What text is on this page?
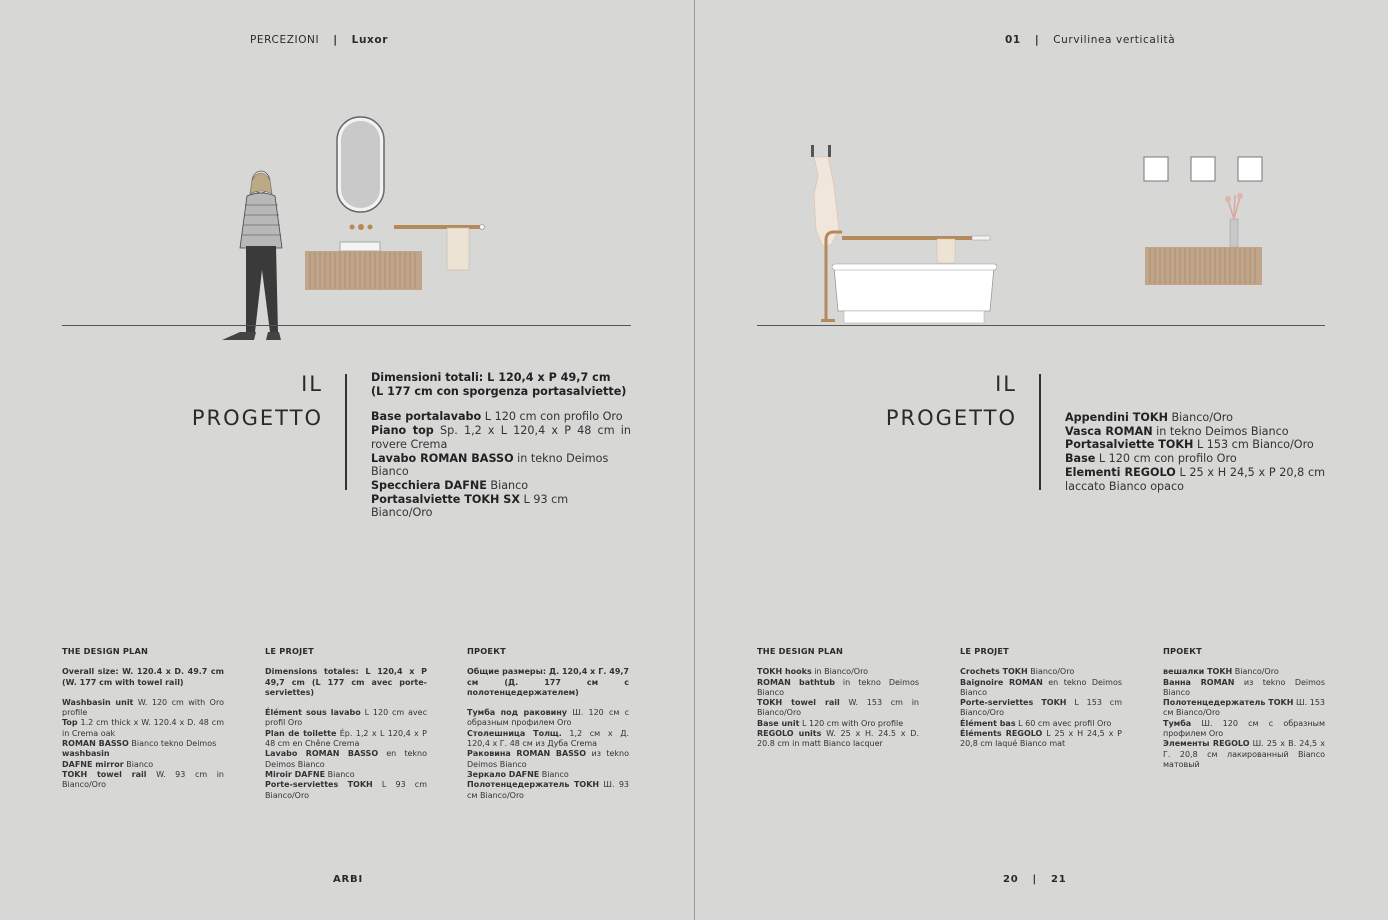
PERCEZIONI | Luxor
IL
PROGETTO

Dimensioni totali: L 120,4 x P 49,7 cm

(L 177 cm con sporgenza portasalviette)

Base portalavabo L 120 cm con profilo Oro

Piano top Sp. 1,2 x L 120,4 x P 48 cm in rovere Crema

Lavabo ROMAN BASSO in tekno Deimos Bianco

Specchiera DAFNE Bianco

Portasalviette TOKH SX L 93 cm Bianco/Oro

THE DESIGN PLAN

Overall size: W. 120.4 x D. 49.7 cm (W. 177 cm with towel rail)

Washbasin unit W. 120 cm with Oro profile

Top 1.2 cm thick x W. 120.4 x D. 48 cm in Crema oak

ROMAN BASSO Bianco tekno Deimos

washbasin

DAFNE mirror Bianco

TOKH towel rail W. 93 cm in Bianco/Oro

LE PROJET

Dimensions totales: L 120,4 x P 49,7 cm (L 177 cm avec porte-serviettes)

Élément sous lavabo L 120 cm avec profil Oro

Plan de toilette Ép. 1,2 x L 120,4 x P 48 cm en Chêne Crema

Lavabo ROMAN BASSO en tekno Deimos Bianco

Miroir DAFNE Bianco

Porte-serviettes TOKH L 93 cm Bianco/Oro

ПРОЕКТ

Общие размеры: Д. 120,4 x Г. 49,7 см (Д. 177 см с полотенцедержателем)

Тумба под раковину Ш. 120 см с образным профилем Oro

Столешница Толщ. 1,2 см x Д. 120,4 x Г. 48 см из Дуба Crema

Раковина ROMAN BASSO из tekno Deimos Bianco

Зеркало DAFNE Bianco

Полотенцедержатель TOKH Ш. 93 см Bianco/Oro

ARBI
01 | Curvilinea verticalità
IL
PROGETTO	Appendini TOKH Bianco/Oro

Vasca ROMAN in tekno Deimos Bianco

Portasalviette TOKH L 153 cm Bianco/Oro

Base L 120 cm con profilo Oro

Elementi REGOLO L 25 x H 24,5 x P 20,8 cm laccato Bianco opaco

THE DESIGN PLAN

TOKH hooks in Bianco/Oro

ROMAN bathtub in tekno Deimos Bianco

TOKH towel rail W. 153 cm in Bianco/Oro

Base unit L 120 cm with Oro profile

REGOLO units W. 25 x H. 24.5 x D. 20.8 cm in matt Bianco lacquer

LE PROJET

Crochets TOKH Bianco/Oro

Baignoire ROMAN en tekno Deimos Bianco

Porte-serviettes TOKH L 153 cm Bianco/Oro

Élément bas L 60 cm avec profil Oro

Éléments REGOLO L 25 x H 24,5 x P 20,8 cm laqué Bianco mat

ПРОЕКТ

вешалки TOKH Bianco/Oro

Ванна ROMAN из tekno Deimos Bianco

Полотенцедержатель TOKH Ш. 153 см Bianco/Oro

Тумба Ш. 120 см с образным профилем Oro

Элементы REGOLO Ш. 25 x В. 24,5 x Г. 20,8 см лакированный Bianco матовый

20 | 21
